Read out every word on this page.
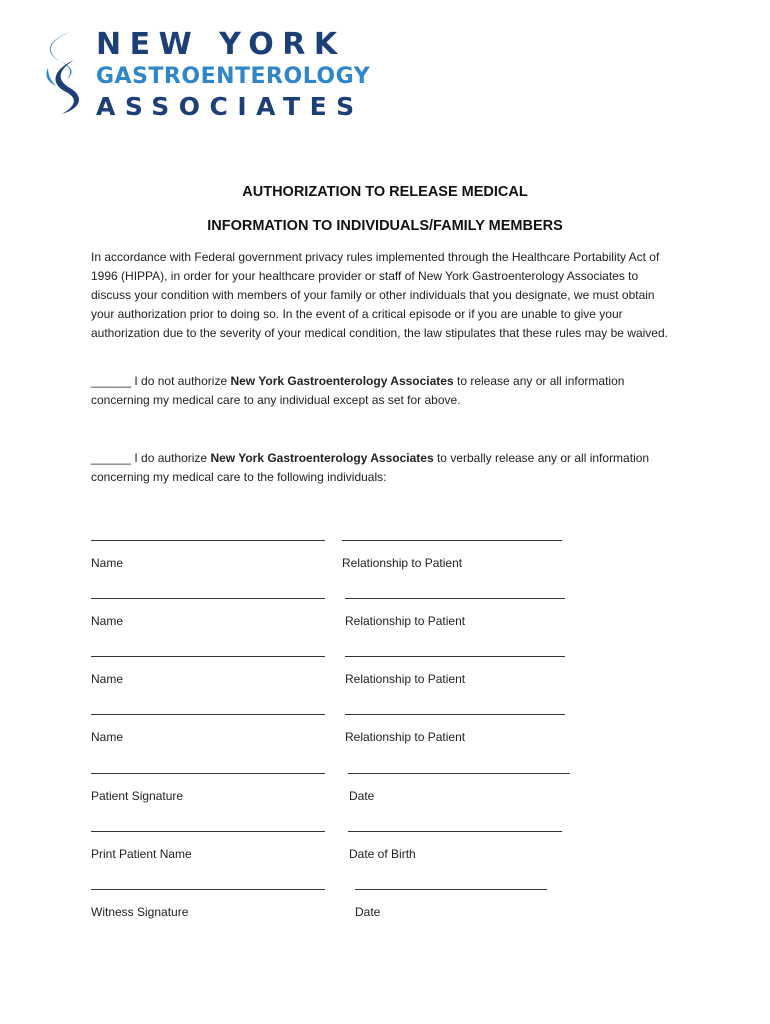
NEW YORK
GASTROENTEROLOGY
ASSOCIATES
AUTHORIZATION TO RELEASE MEDICAL
INFORMATION TO INDIVIDUALS/FAMILY MEMBERS
In accordance with Federal government privacy rules implemented through the Healthcare Portability Act of 1996 (HIPPA), in order for your healthcare provider or staff of New York Gastroenterology Associates to discuss your condition with members of your family or other individuals that you designate, we must obtain your authorization prior to doing so. In the event of a critical episode or if you are unable to give your authorization due to the severity of your medical condition, the law stipulates that these rules may be waived.
______ I do not authorize New York Gastroenterology Associates to release any or all information concerning my medical care to any individual except as set for above.
______ I do authorize New York Gastroenterology Associates to verbally release any or all information concerning my medical care to the following individuals:
Name	Relationship to Patient
Name	Relationship to Patient
Name	Relationship to Patient
Name	Relationship to Patient
Patient Signature	Date
Print Patient Name	Date of Birth
Witness Signature	Date
